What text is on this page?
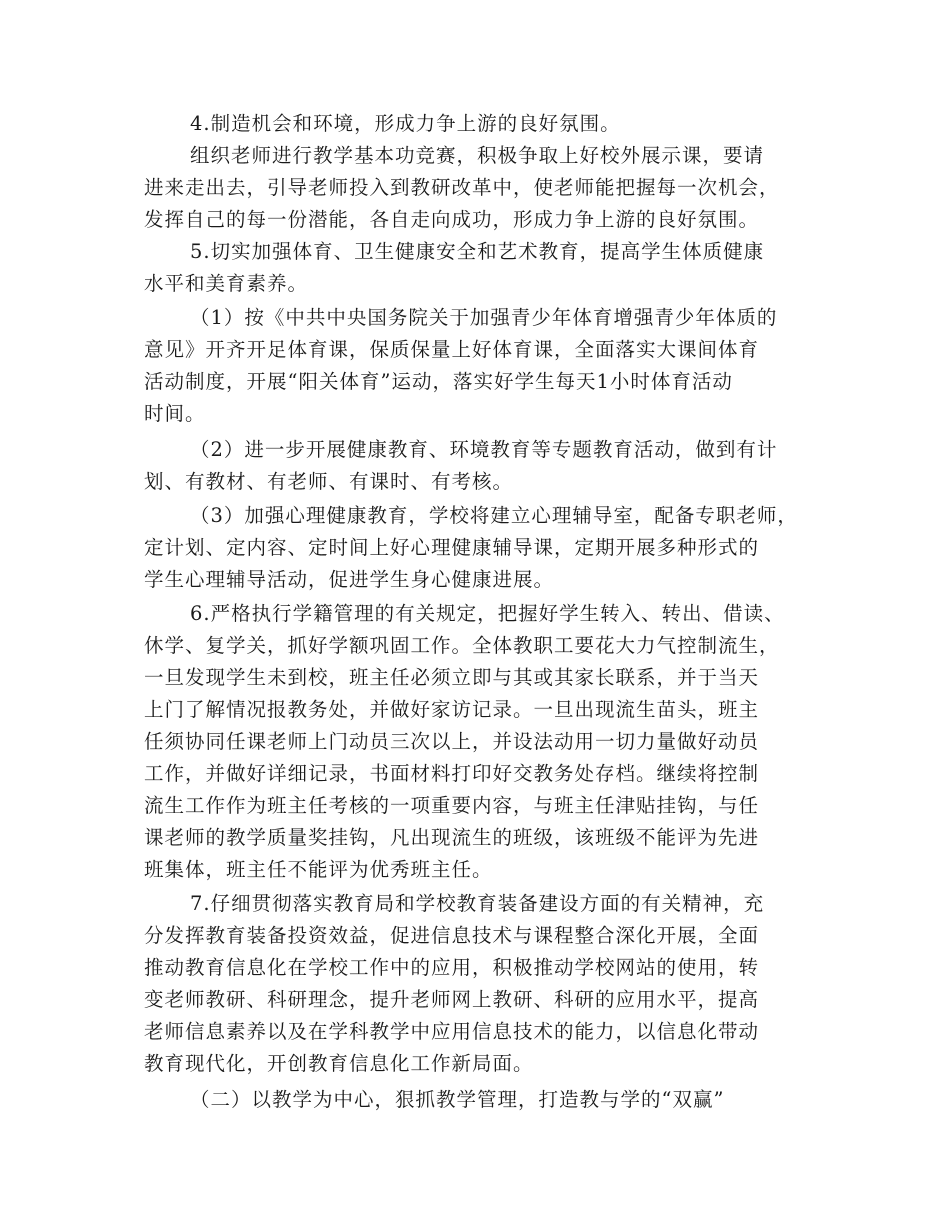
4.制造机会和环境，形成力争上游的良好氛围。
组织老师进行教学基本功竞赛，积极争取上好校外展示课，要请
进来走出去，引导老师投入到教研改革中，使老师能把握每一次机会，
发挥自己的每一份潜能，各自走向成功，形成力争上游的良好氛围。
5.切实加强体育、卫生健康安全和艺术教育，提高学生体质健康
水平和美育素养。
（1）按《中共中央国务院关于加强青少年体育增强青少年体质的
意见》开齐开足体育课，保质保量上好体育课，全面落实大课间体育
活动制度，开展“阳关体育”运动，落实好学生每天1小时体育活动
时间。
（2）进一步开展健康教育、环境教育等专题教育活动，做到有计
划、有教材、有老师、有课时、有考核。
（3）加强心理健康教育，学校将建立心理辅导室，配备专职老师，
定计划、定内容、定时间上好心理健康辅导课，定期开展多种形式的
学生心理辅导活动，促进学生身心健康进展。
6.严格执行学籍管理的有关规定，把握好学生转入、转出、借读、
休学、复学关，抓好学额巩固工作。全体教职工要花大力气控制流生，
一旦发现学生未到校，班主任必须立即与其或其家长联系，并于当天
上门了解情况报教务处，并做好家访记录。一旦出现流生苗头，班主
任须协同任课老师上门动员三次以上，并设法动用一切力量做好动员
工作，并做好详细记录，书面材料打印好交教务处存档。继续将控制
流生工作作为班主任考核的一项重要内容，与班主任津贴挂钩，与任
课老师的教学质量奖挂钩，凡出现流生的班级，该班级不能评为先进
班集体，班主任不能评为优秀班主任。
7.仔细贯彻落实教育局和学校教育装备建设方面的有关精神，充
分发挥教育装备投资效益，促进信息技术与课程整合深化开展，全面
推动教育信息化在学校工作中的应用，积极推动学校网站的使用，转
变老师教研、科研理念，提升老师网上教研、科研的应用水平，提高
老师信息素养以及在学科教学中应用信息技术的能力，以信息化带动
教育现代化，开创教育信息化工作新局面。
（二）以教学为中心，狠抓教学管理，打造教与学的“双赢”
